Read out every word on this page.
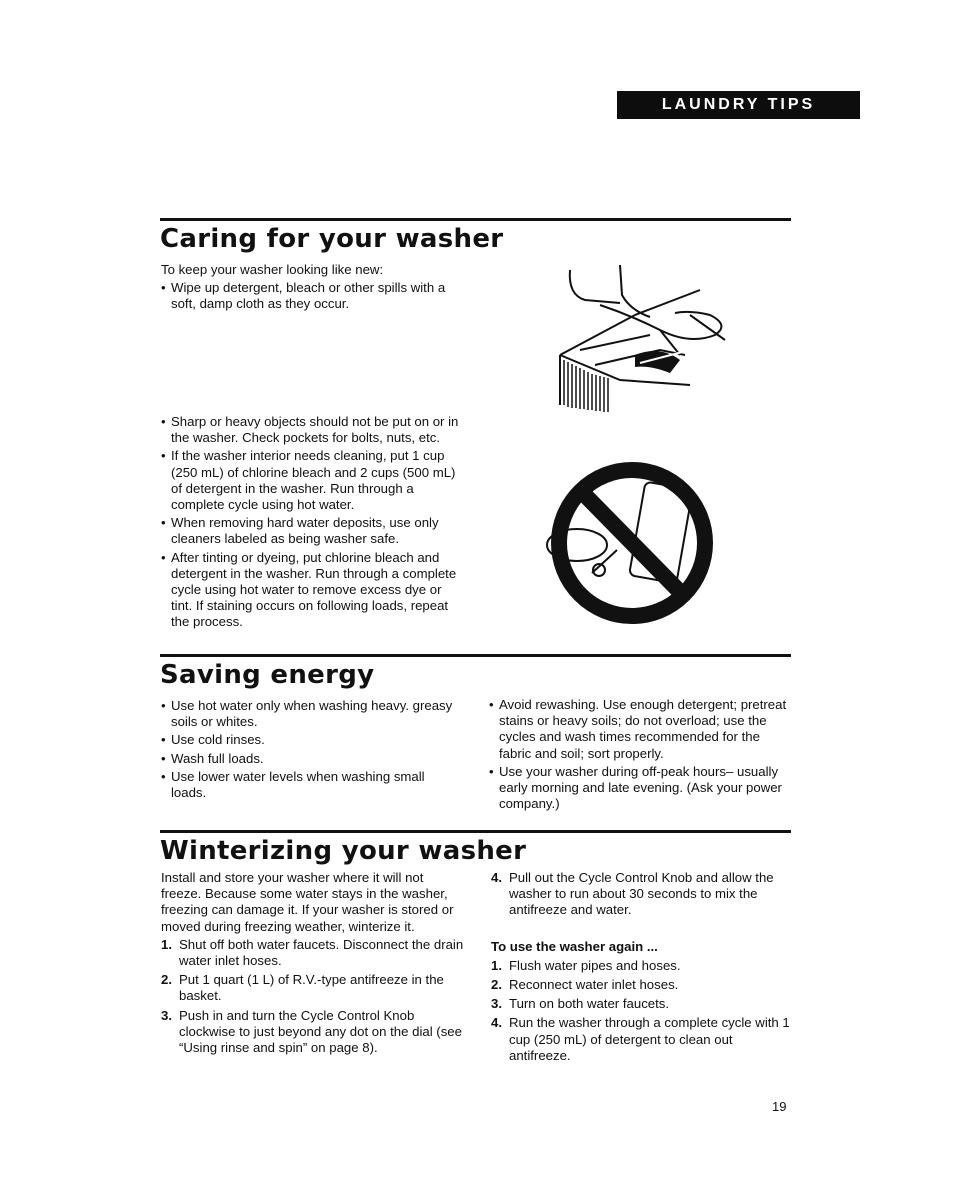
LAUNDRY TIPS
Caring for your washer

To keep your washer looking like new:

• Wipe up detergent, bleach or other spills with a soft, damp cloth as they occur.
• Sharp or heavy objects should not be put on or in the washer. Check pockets for bolts, nuts, etc.
• If the washer interior needs cleaning, put 1 cup (250 mL) of chlorine bleach and 2 cups (500 mL) of detergent in the washer. Run through a complete cycle using hot water.
• When removing hard water deposits, use only cleaners labeled as being washer safe.
• After tinting or dyeing, put chlorine bleach and detergent in the washer. Run through a complete cycle using hot water to remove excess dye or tint. If staining occurs on following loads, repeat the process.
Saving energy
• Use hot water only when washing heavy. greasy soils or whites.
• Use cold rinses.
• Wash full loads.
• Use lower water levels when washing small loads.
• Avoid rewashing. Use enough detergent; pretreat stains or heavy soils; do not overload; use the cycles and wash times recommended for the fabric and soil; sort properly.
• Use your washer during off-peak hours– usually early morning and late evening. (Ask your power company.)
Winterizing your washer

Install and store your washer where it will not freeze. Because some water stays in the washer, freezing can damage it. If your washer is stored or moved during freezing weather, winterize it.

1. Shut off both water faucets. Disconnect the drain water inlet hoses.
2. Put 1 quart (1 L) of R.V.-type antifreeze in the basket.
3. Push in and turn the Cycle Control Knob clockwise to just beyond any dot on the dial (see “Using rinse and spin” on page 8).
4. Pull out the Cycle Control Knob and allow the washer to run about 30 seconds to mix the antifreeze and water.

To use the washer again ...

1. Flush water pipes and hoses.
2. Reconnect water inlet hoses.
3. Turn on both water faucets.
4. Run the washer through a complete cycle with 1 cup (250 mL) of detergent to clean out antifreeze.
19
